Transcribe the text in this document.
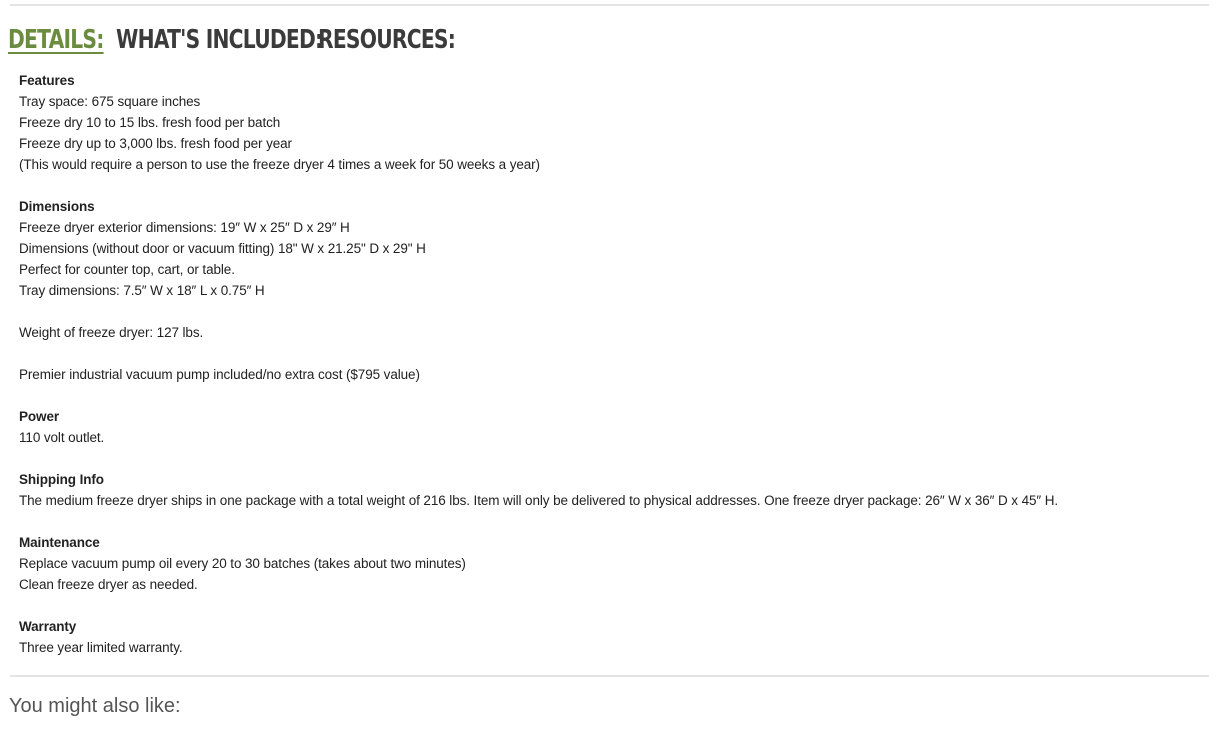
DETAILS: WHAT'S INCLUDED:
RESOURCES:

Features

Tray space: 675 square inches

Freeze dry 10 to 15 lbs. fresh food per batch

Freeze dry up to 3,000 lbs. fresh food per year

(This would require a person to use the freeze dryer 4 times a week for 50 weeks a year)

Dimensions

Freeze dryer exterior dimensions: 19″ W x 25″ D x 29″ H

Dimensions (without door or vacuum fitting) 18" W x 21.25" D x 29" H

Perfect for counter top, cart, or table.

Tray dimensions: 7.5″ W x 18″ L x 0.75″ H

Weight of freeze dryer: 127 lbs.

Premier industrial vacuum pump included/no extra cost ($795 value)

Power

110 volt outlet.

Shipping Info

The medium freeze dryer ships in one package with a total weight of 216 lbs. Item will only be delivered to physical addresses. One freeze dryer package: 26″ W x 36″ D x 45″ H.

Maintenance

Replace vacuum pump oil every 20 to 30 batches (takes about two minutes)

Clean freeze dryer as needed.

Warranty

Three year limited warranty.

You might also like:
